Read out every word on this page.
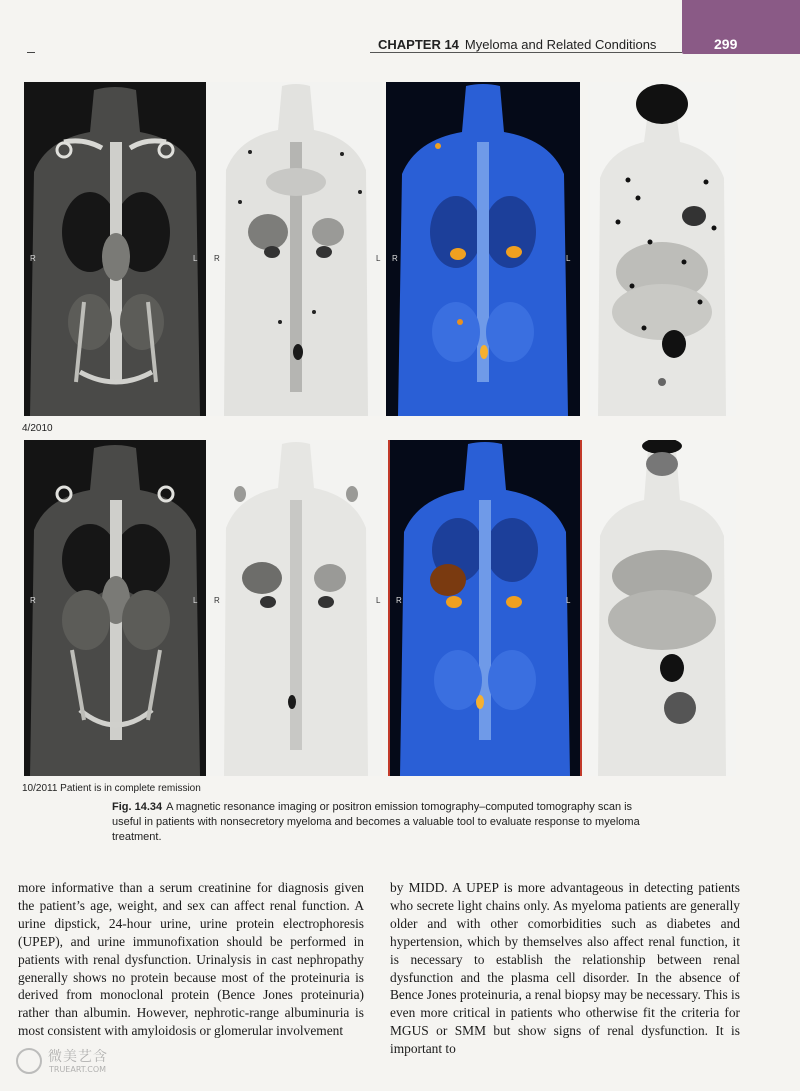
CHAPTER 14 Myeloma and Related Conditions	299
R	L R	L R	L
4/2010
R	L R	L R	L
10/2011 Patient is in complete remission
Fig. 14.34 A magnetic resonance imaging or positron emission tomography–computed tomography scan is useful in patients with nonsecretory myeloma and becomes a valuable tool to evaluate response to myeloma treatment.

more informative than a serum creatinine for diagnosis given the patient’s age, weight, and sex can affect renal function. A urine dipstick, 24-hour urine, urine protein electrophoresis (UPEP), and urine immunofixation should be performed in patients with renal dysfunction. Urinalysis in cast nephropathy generally shows no protein because most of the proteinuria is derived from monoclonal protein (Bence Jones proteinuria) rather than albumin. However, nephrotic-range albuminuria is most consistent with amyloidosis or glomerular involvement

by MIDD. A UPEP is more advantageous in detecting patients who secrete light chains only. As myeloma patients are generally older and with other comorbidities such as diabetes and hypertension, which by themselves also affect renal function, it is necessary to establish the relationship between renal dysfunction and the plasma cell disorder. In the absence of Bence Jones proteinuria, a renal biopsy may be necessary. This is even more critical in patients who otherwise fit the criteria for MGUS or SMM but show signs of renal dysfunction. It is important to

微美艺含
TRUEART.COM
